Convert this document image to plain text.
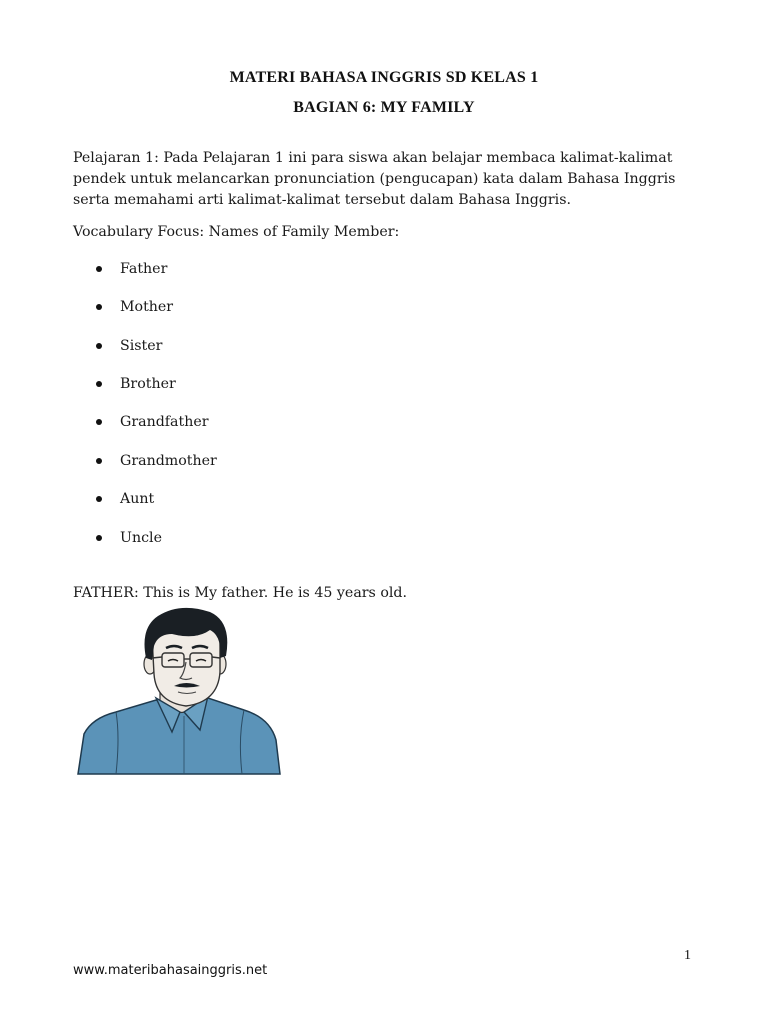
MATERI BAHASA INGGRIS SD KELAS 1
BAGIAN 6: MY FAMILY
Pelajaran 1: Pada Pelajaran 1 ini para siswa akan belajar membaca kalimat-kalimat pendek untuk melancarkan pronunciation (pengucapan) kata dalam Bahasa Inggris serta memahami arti kalimat-kalimat tersebut dalam Bahasa Inggris.
Vocabulary Focus: Names of Family Member:
Father
Mother
Sister
Brother
Grandfather
Grandmother
Aunt
Uncle
FATHER: This is My father. He is 45 years old.
1
www.materibahasainggris.net
